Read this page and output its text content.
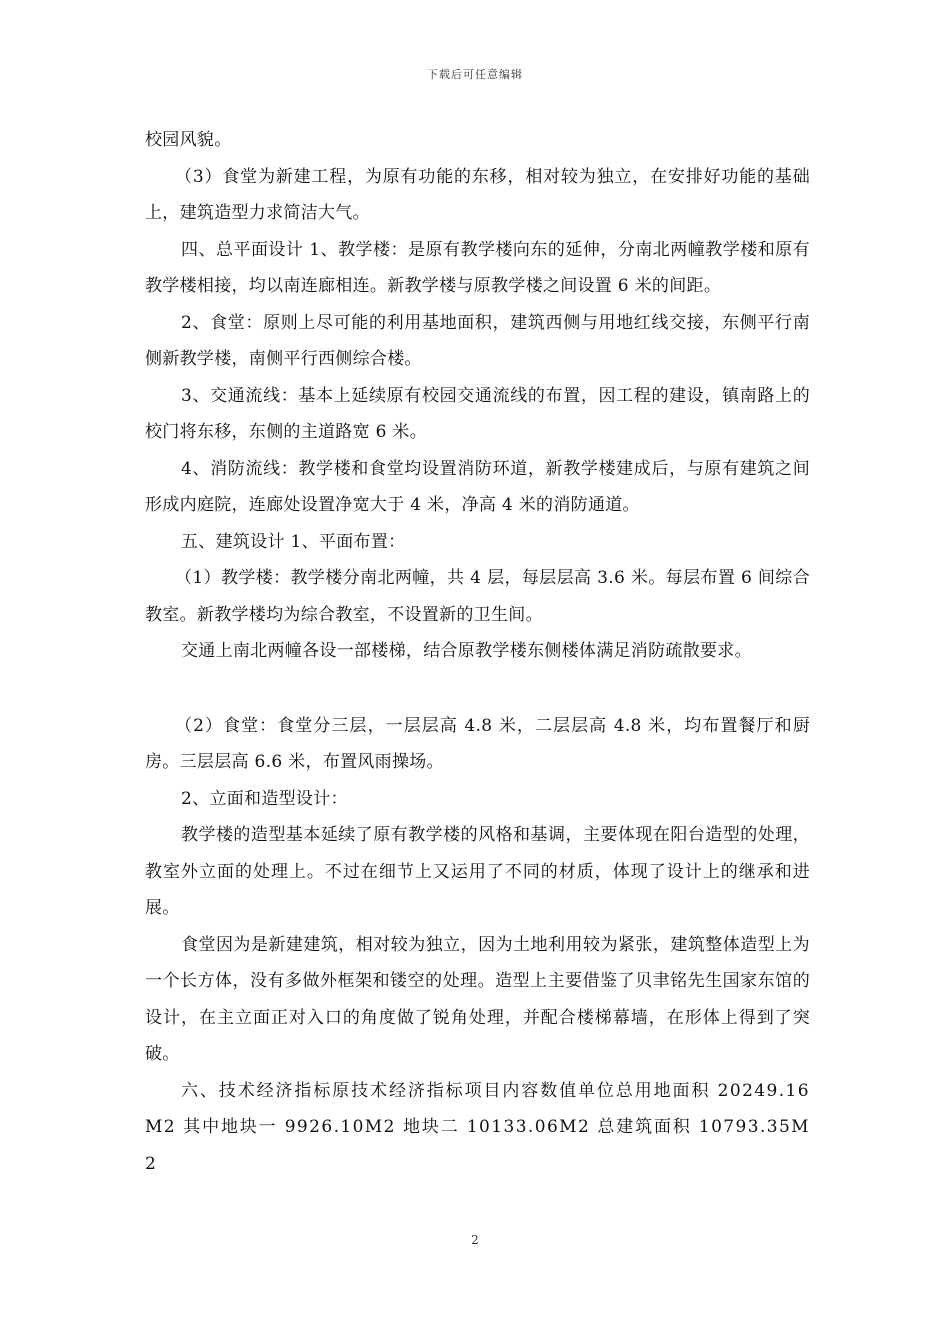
下载后可任意编辑

校园风貌。

（3）食堂为新建工程，为原有功能的东移，相对较为独立，在安排好功能的基础上，建筑造型力求简洁大气。

四、总平面设计 1、教学楼：是原有教学楼向东的延伸，分南北两幢教学楼和原有教学楼相接，均以南连廊相连。新教学楼与原教学楼之间设置 6 米的间距。

2、食堂：原则上尽可能的利用基地面积，建筑西侧与用地红线交接，东侧平行南侧新教学楼，南侧平行西侧综合楼。

3、交通流线：基本上延续原有校园交通流线的布置，因工程的建设，镇南路上的校门将东移，东侧的主道路宽 6 米。

4、消防流线：教学楼和食堂均设置消防环道，新教学楼建成后，与原有建筑之间形成内庭院，连廊处设置净宽大于 4 米，净高 4 米的消防通道。

五、建筑设计 1、平面布置：

（1）教学楼：教学楼分南北两幢，共 4 层，每层层高 3.6 米。每层布置 6 间综合教室。新教学楼均为综合教室，不设置新的卫生间。

交通上南北两幢各设一部楼梯，结合原教学楼东侧楼体满足消防疏散要求。

（2）食堂：食堂分三层，一层层高 4.8 米，二层层高 4.8 米，均布置餐厅和厨房。三层层高 6.6 米，布置风雨操场。

2、立面和造型设计：

教学楼的造型基本延续了原有教学楼的风格和基调，主要体现在阳台造型的处理，教室外立面的处理上。不过在细节上又运用了不同的材质，体现了设计上的继承和进展。

食堂因为是新建建筑，相对较为独立，因为土地利用较为紧张，建筑整体造型上为一个长方体，没有多做外框架和镂空的处理。造型上主要借鉴了贝聿铭先生国家东馆的设计，在主立面正对入口的角度做了锐角处理，并配合楼梯幕墙，在形体上得到了突破。

六、技术经济指标原技术经济指标项目内容数值单位总用地面积 20249.16M2 其中地块一 9926.10M2 地块二 10133.06M2 总建筑面积 10793.35M2

2
